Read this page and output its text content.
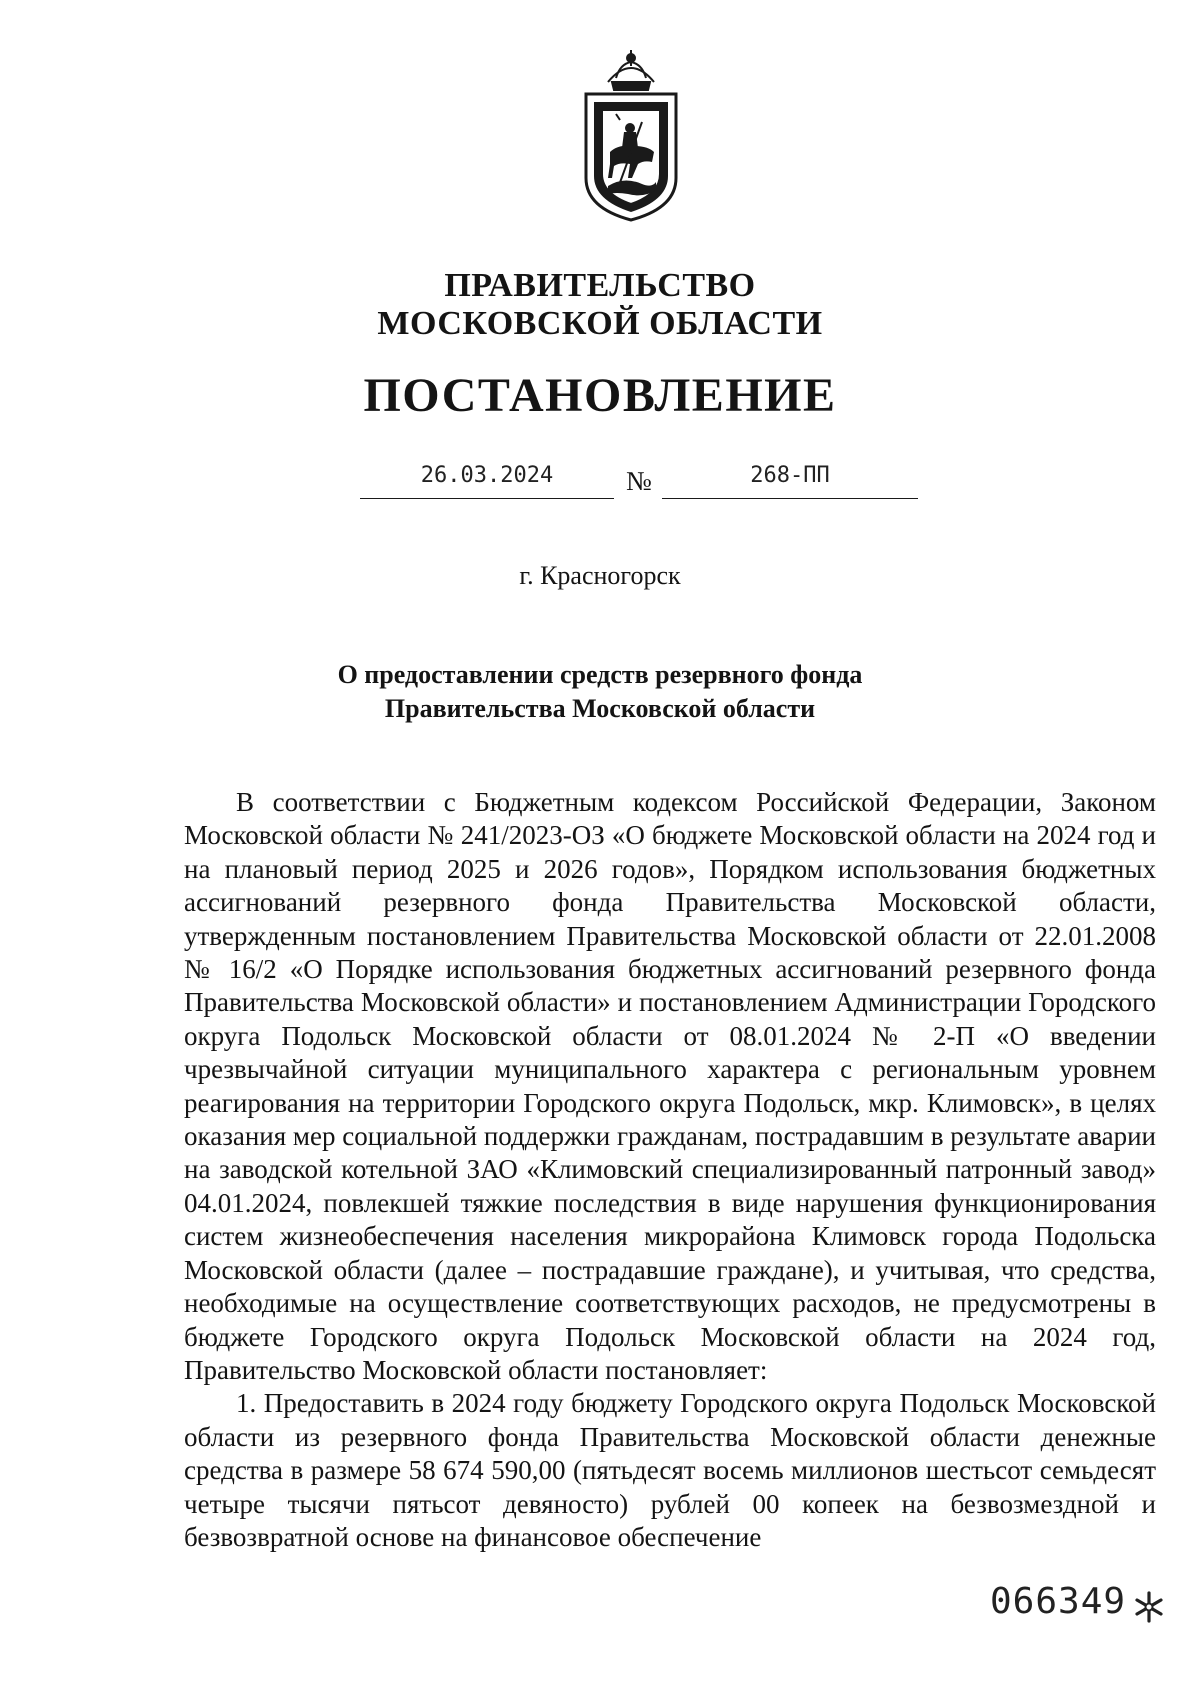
ПРАВИТЕЛЬСТВО
МОСКОВСКОЙ ОБЛАСТИ
ПОСТАНОВЛЕНИЕ
26.03.2024	№	268-ПП
г. Красногорск
О предоставлении средств резервного фонда
Правительства Московской области

В соответствии с Бюджетным кодексом Российской Федерации, Законом Московской области № 241/2023-ОЗ «О бюджете Московской области на 2024 год и на плановый период 2025 и 2026 годов», Порядком использования бюджетных ассигнований резервного фонда Правительства Московской области, утвержденным постановлением Правительства Московской области от 22.01.2008 № 16/2 «О Порядке использования бюджетных ассигнований резервного фонда Правительства Московской области» и постановлением Администрации Городского округа Подольск Московской области от 08.01.2024 № 2-П «О введении чрезвычайной ситуации муниципального характера с региональным уровнем реагирования на территории Городского округа Подольск, мкр. Климовск», в целях оказания мер социальной поддержки гражданам, пострадавшим в результате аварии на заводской котельной ЗАО «Климовский специализированный патронный завод» 04.01.2024, повлекшей тяжкие последствия в виде нарушения функционирования систем жизнеобеспечения населения микрорайона Климовск города Подольска Московской области (далее – пострадавшие граждане), и учитывая, что средства, необходимые на осуществление соответствующих расходов, не предусмотрены в бюджете Городского округа Подольск Московской области на 2024 год, Правительство Московской области постановляет:

1. Предоставить в 2024 году бюджету Городского округа Подольск Московской области из резервного фонда Правительства Московской области денежные средства в размере 58 674 590,00 (пятьдесят восемь миллионов шестьсот семьдесят четыре тысячи пятьсот девяносто) рублей 00 копеек на безвозмездной и безвозвратной основе на финансовое обеспечение

066349
